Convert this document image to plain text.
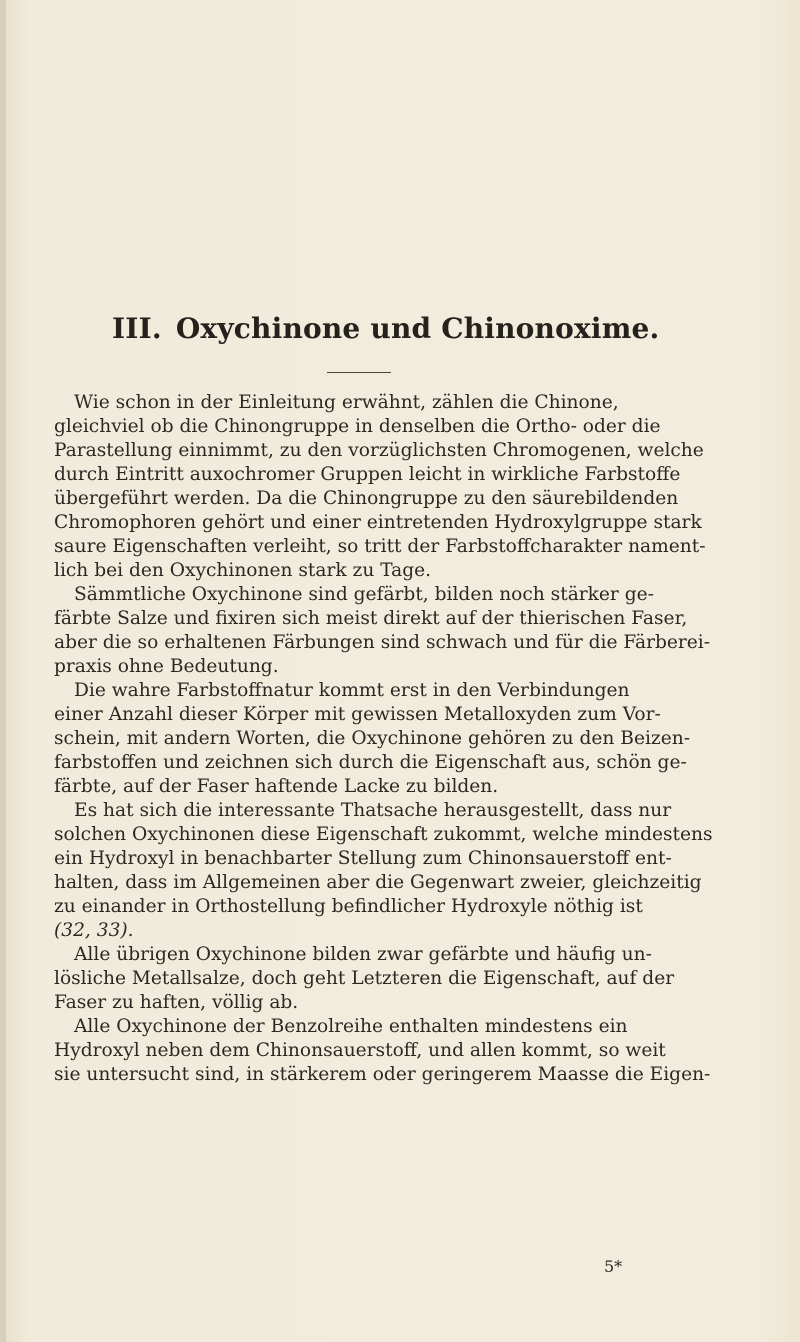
III. Oxychinone und Chinonoxime.
Wie schon in der Einleitung erwähnt, zählen die Chinone,
gleichviel ob die Chinongruppe in denselben die Ortho- oder die
Parastellung einnimmt, zu den vorzüglichsten Chromogenen, welche
durch Eintritt auxochromer Gruppen leicht in wirkliche Farbstoffe
übergeführt werden. Da die Chinongruppe zu den säurebildenden
Chromophoren gehört und einer eintretenden Hydroxylgruppe stark
saure Eigenschaften verleiht, so tritt der Farbstoffcharakter nament-
lich bei den Oxychinonen stark zu Tage.
Sämmtliche Oxychinone sind gefärbt, bilden noch stärker ge-
färbte Salze und fixiren sich meist direkt auf der thierischen Faser,
aber die so erhaltenen Färbungen sind schwach und für die Färberei-
praxis ohne Bedeutung.
Die wahre Farbstoffnatur kommt erst in den Verbindungen
einer Anzahl dieser Körper mit gewissen Metalloxyden zum Vor-
schein, mit andern Worten, die Oxychinone gehören zu den Beizen-
farbstoffen und zeichnen sich durch die Eigenschaft aus, schön ge-
färbte, auf der Faser haftende Lacke zu bilden.
Es hat sich die interessante Thatsache herausgestellt, dass nur
solchen Oxychinonen diese Eigenschaft zukommt, welche mindestens
ein Hydroxyl in benachbarter Stellung zum Chinonsauerstoff ent-
halten, dass im Allgemeinen aber die Gegenwart zweier, gleichzeitig
zu einander in Orthostellung befindlicher Hydroxyle nöthig ist
(32, 33).
Alle übrigen Oxychinone bilden zwar gefärbte und häufig un-
lösliche Metallsalze, doch geht Letzteren die Eigenschaft, auf der
Faser zu haften, völlig ab.
Alle Oxychinone der Benzolreihe enthalten mindestens ein
Hydroxyl neben dem Chinonsauerstoff, und allen kommt, so weit
sie untersucht sind, in stärkerem oder geringerem Maasse die Eigen-
5*
